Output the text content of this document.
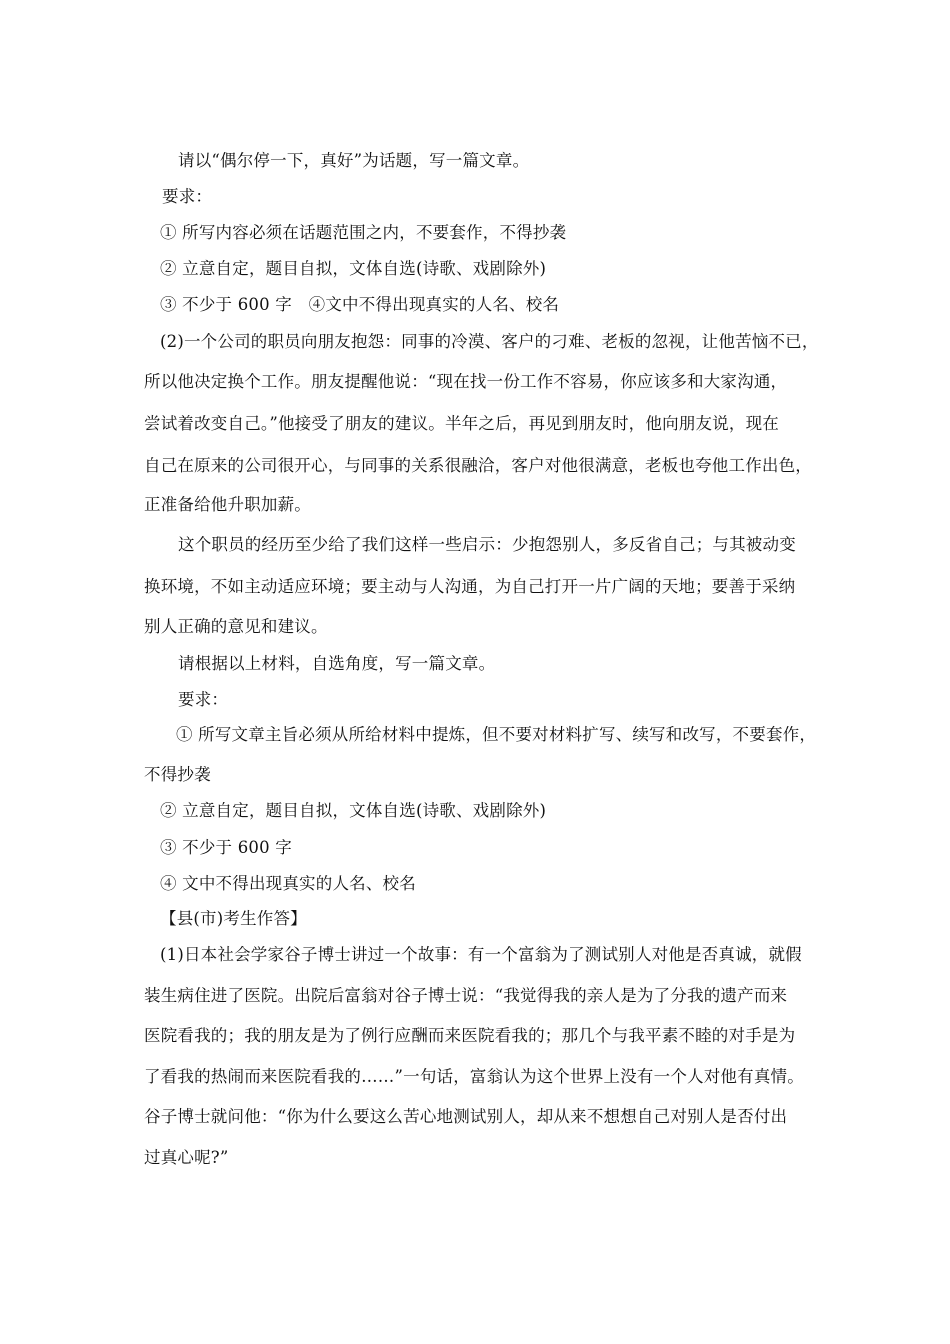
请以“偶尔停一下，真好”为话题，写一篇文章。
要求：
① 所写内容必须在话题范围之内，不要套作，不得抄袭
② 立意自定，题目自拟，文体自选(诗歌、戏剧除外)
③ 不少于 600 字　④文中不得出现真实的人名、校名
(2)一个公司的职员向朋友抱怨：同事的冷漠、客户的刁难、老板的忽视，让他苦恼不已，
所以他决定换个工作。朋友提醒他说：“现在找一份工作不容易，你应该多和大家沟通，
尝试着改变自己。”他接受了朋友的建议。半年之后，再见到朋友时，他向朋友说，现在
自己在原来的公司很开心，与同事的关系很融洽，客户对他很满意，老板也夸他工作出色，
正准备给他升职加薪。
这个职员的经历至少给了我们这样一些启示：少抱怨别人，多反省自己；与其被动变
换环境，不如主动适应环境；要主动与人沟通，为自己打开一片广阔的天地；要善于采纳
别人正确的意见和建议。
请根据以上材料，自选角度，写一篇文章。
要求：
① 所写文章主旨必须从所给材料中提炼，但不要对材料扩写、续写和改写，不要套作，
不得抄袭
② 立意自定，题目自拟，文体自选(诗歌、戏剧除外)
③ 不少于 600 字
④ 文中不得出现真实的人名、校名
【县(市)考生作答】
(1)日本社会学家谷子博士讲过一个故事：有一个富翁为了测试别人对他是否真诚，就假
装生病住进了医院。出院后富翁对谷子博士说：“我觉得我的亲人是为了分我的遗产而来
医院看我的；我的朋友是为了例行应酬而来医院看我的；那几个与我平素不睦的对手是为
了看我的热闹而来医院看我的……”一句话，富翁认为这个世界上没有一个人对他有真情。
谷子博士就问他：“你为什么要这么苦心地测试别人，却从来不想想自己对别人是否付出
过真心呢?”
